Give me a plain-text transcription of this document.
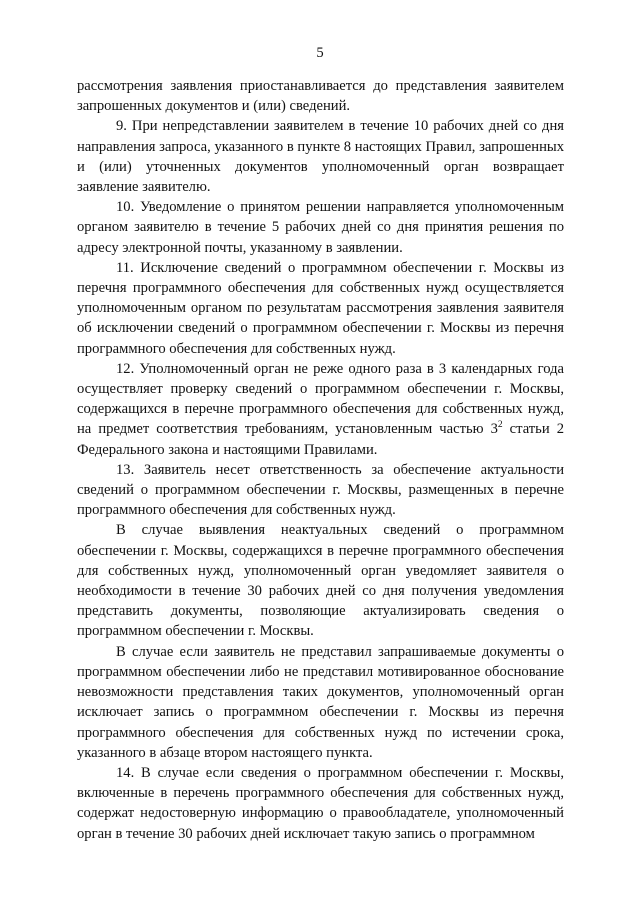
5

рассмотрения заявления приостанавливается до представления заявителем запрошенных документов и (или) сведений.

9. При непредставлении заявителем в течение 10 рабочих дней со дня направления запроса, указанного в пункте 8 настоящих Правил, запрошенных и (или) уточненных документов уполномоченный орган возвращает заявление заявителю.

10. Уведомление о принятом решении направляется уполномоченным органом заявителю в течение 5 рабочих дней со дня принятия решения по адресу электронной почты, указанному в заявлении.

11. Исключение сведений о программном обеспечении г. Москвы из перечня программного обеспечения для собственных нужд осуществляется уполномоченным органом по результатам рассмотрения заявления заявителя об исключении сведений о программном обеспечении г. Москвы из перечня программного обеспечения для собственных нужд.

12. Уполномоченный орган не реже одного раза в 3 календарных года осуществляет проверку сведений о программном обеспечении г. Москвы, содержащихся в перечне программного обеспечения для собственных нужд, на предмет соответствия требованиям, установленным частью $3^2$ статьи 2 Федерального закона и настоящими Правилами.

13. Заявитель несет ответственность за обеспечение актуальности сведений о программном обеспечении г. Москвы, размещенных в перечне программного обеспечения для собственных нужд.

В случае выявления неактуальных сведений о программном обеспечении г. Москвы, содержащихся в перечне программного обеспечения для собственных нужд, уполномоченный орган уведомляет заявителя о необходимости в течение 30 рабочих дней со дня получения уведомления представить документы, позволяющие актуализировать сведения о программном обеспечении г. Москвы.

В случае если заявитель не представил запрашиваемые документы о программном обеспечении либо не представил мотивированное обоснование невозможности представления таких документов, уполномоченный орган исключает запись о программном обеспечении г. Москвы из перечня программного обеспечения для собственных нужд по истечении срока, указанного в абзаце втором настоящего пункта.

14. В случае если сведения о программном обеспечении г. Москвы, включенные в перечень программного обеспечения для собственных нужд, содержат недостоверную информацию о правообладателе, уполномоченный орган в течение 30 рабочих дней исключает такую запись о программном
